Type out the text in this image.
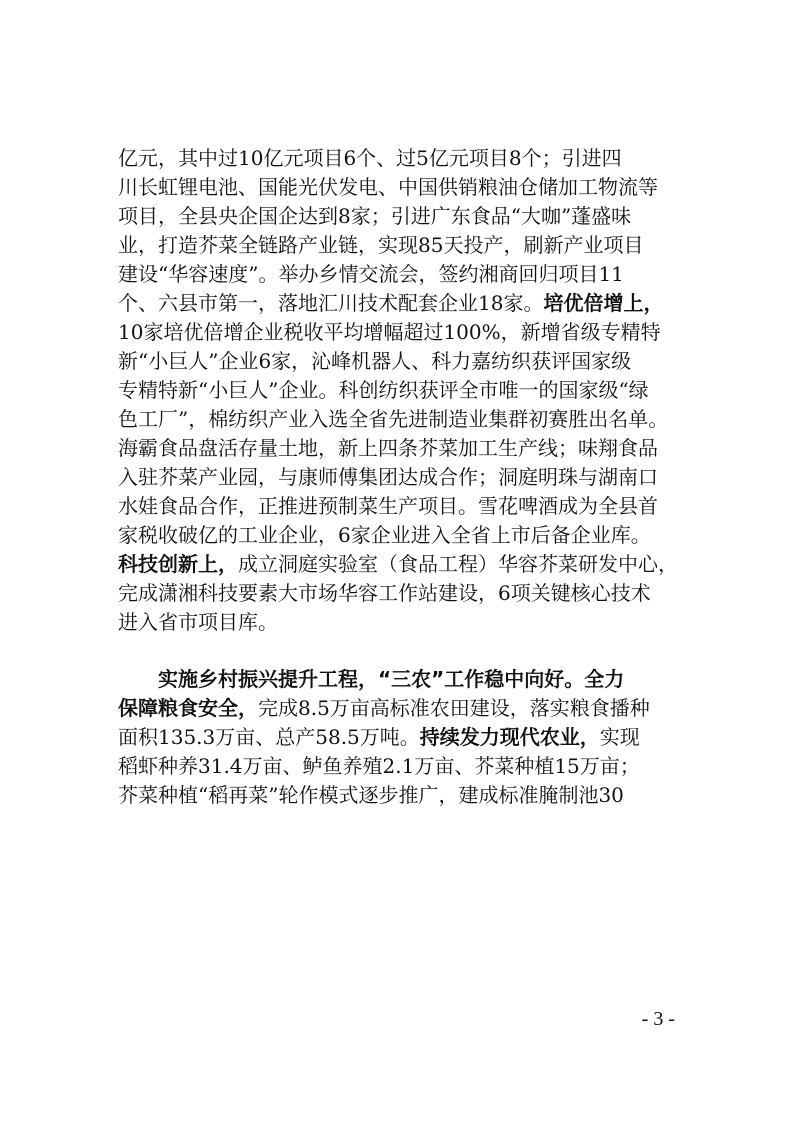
亿元，其中过10亿元项目6个、过5亿元项目8个；引进四
川长虹锂电池、国能光伏发电、中国供销粮油仓储加工物流等
项目，全县央企国企达到8家；引进广东食品“大咖”蓬盛味
业，打造芥菜全链路产业链，实现85天投产，刷新产业项目
建设“华容速度”。举办乡情交流会，签约湘商回归项目11
个、六县市第一，落地汇川技术配套企业18家。 培优倍增上，
10家培优倍增企业税收平均增幅超过100%，新增省级专精特
新“小巨人”企业6家，沁峰机器人、科力嘉纺织获评国家级
专精特新“小巨人”企业。科创纺织获评全市唯一的国家级“绿
色工厂”，棉纺织产业入选全省先进制造业集群初赛胜出名单。
海霸食品盘活存量土地，新上四条芥菜加工生产线；味翔食品
入驻芥菜产业园，与康师傅集团达成合作；洞庭明珠与湖南口
水娃食品合作，正推进预制菜生产项目。雪花啤酒成为全县首
家税收破亿的工业企业，6家企业进入全省上市后备企业库。
科技创新上， 成立洞庭实验室（食品工程）华容芥菜研发中心，
完成潇湘科技要素大市场华容工作站建设，6项关键核心技术
进入省市项目库。
实施乡村振兴提升工程，“三农”工作稳中向好。 全力
保障粮食安全， 完成8.5万亩高标准农田建设，落实粮食播种
面积135.3万亩、总产58.5万吨。 持续发力现代农业， 实现
稻虾种养31.4万亩、鲈鱼养殖2.1万亩、芥菜种植15万亩；
芥菜种植“稻再菜”轮作模式逐步推广，建成标准腌制池30
- 3 -
